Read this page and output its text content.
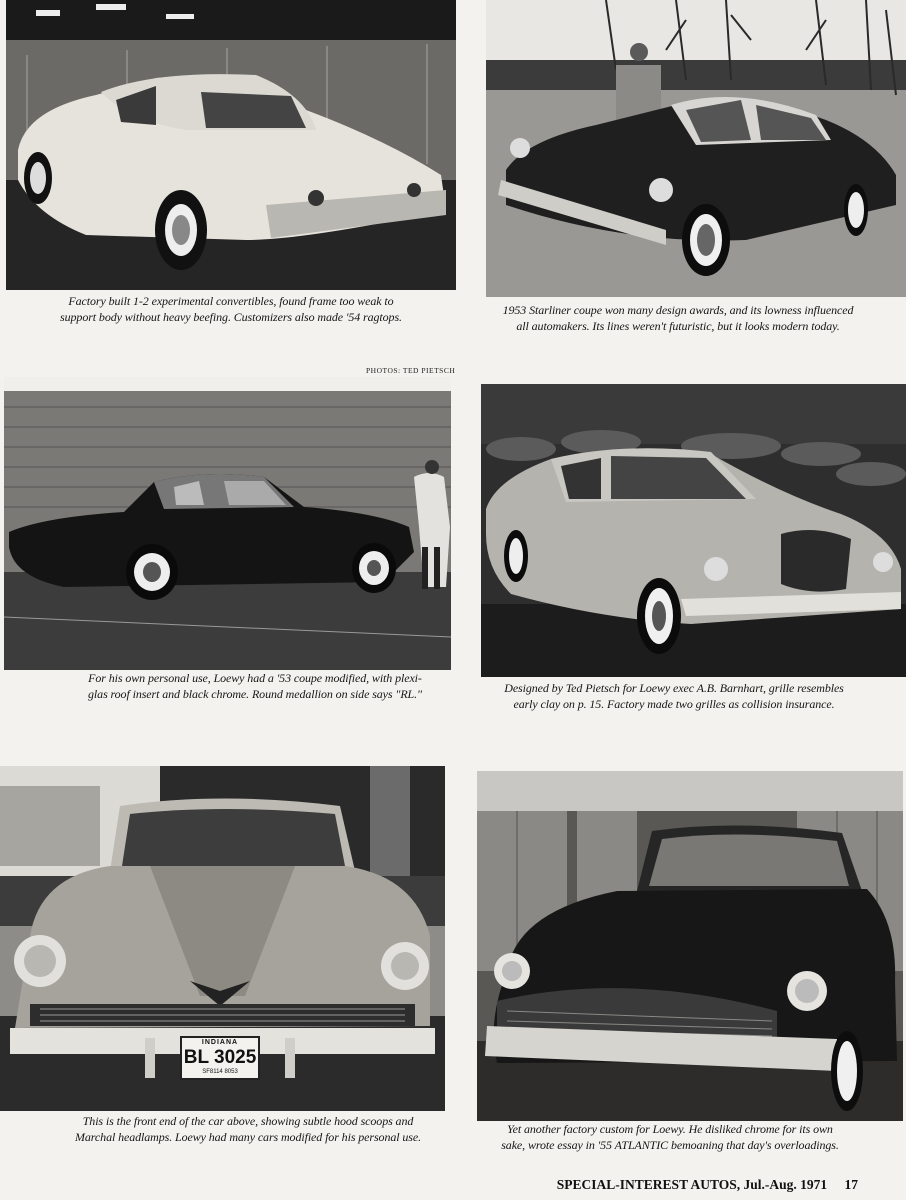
Factory built 1-2 experimental convertibles, found frame too weak to
support body without heavy beefing. Customizers also made '54 ragtops.	1953 Starliner coupe won many design awards, and its lowness influenced
all automakers. Its lines weren't futuristic, but it looks modern today.
PHOTOS: TED PIETSCH
For his own personal use, Loewy had a '53 coupe modified, with plexi-
glas roof insert and black chrome. Round medallion on side says "RL."	Designed by Ted Pietsch for Loewy exec A.B. Barnhart, grille resembles
early clay on p. 15. Factory made two grilles as collision insurance.
INDIANA
BL 3025
SF8114 8053
This is the front end of the car above, showing subtle hood scoops and
Marchal headlamps. Loewy had many cars modified for his personal use.
Yet another factory custom for Loewy. He disliked chrome for its own
sake, wrote essay in '55 ATLANTIC bemoaning that day's overloadings.
SPECIAL-INTEREST AUTOS, Jul.-Aug. 1971 17
